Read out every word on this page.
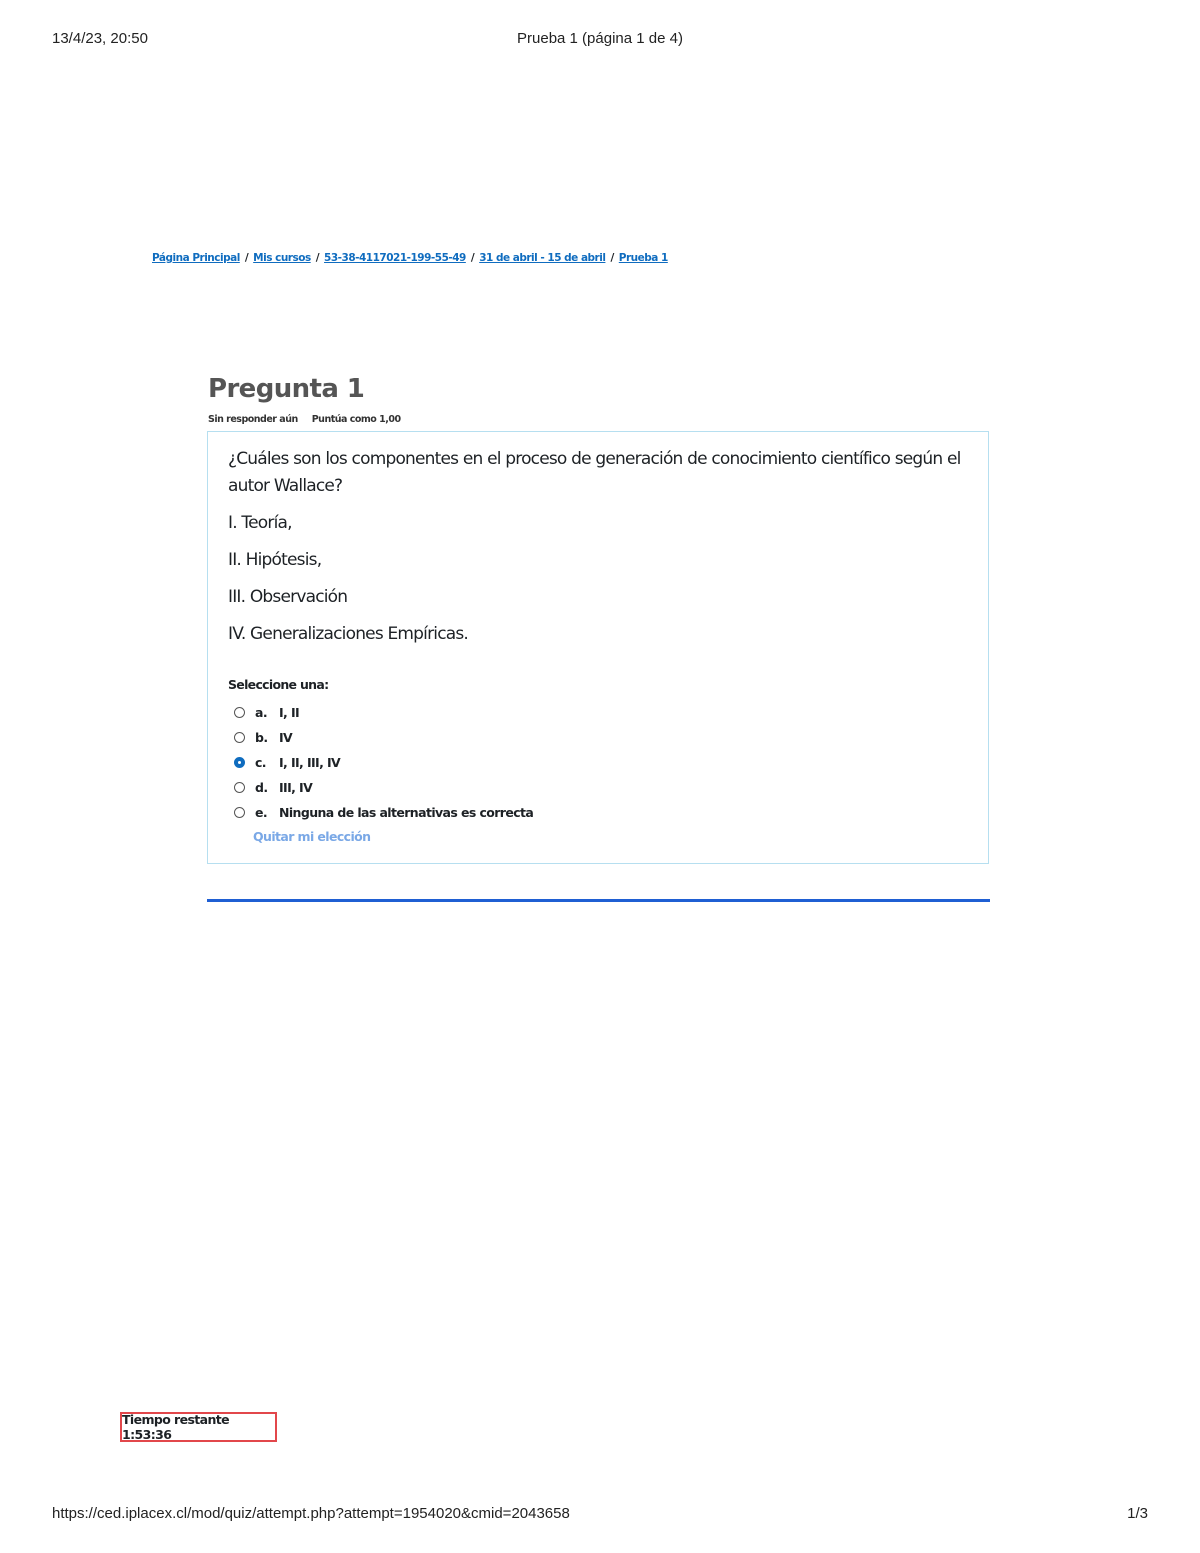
13/4/23, 20:50	Prueba 1 (página 1 de 4)
Página Principal / Mis cursos / 53-38-4117021-199-55-49 / 31 de abril - 15 de abril / Prueba 1
Pregunta 1
Sin responder aún Puntúa como 1,00

¿Cuáles son los componentes en el proceso de generación de conocimiento científico según el autor Wallace?

I. Teoría,

II. Hipótesis,

III. Observación

IV. Generalizaciones Empíricas.

Seleccione una:
a. I, II
b. IV
c.	I, II, III, IV
d. III, IV
e. Ninguna de las alternativas es correcta
Quitar mi elección
Tiempo restante 1:53:36
https://ced.iplacex.cl/mod/quiz/attempt.php?attempt=1954020&cmid=2043658	1/3
